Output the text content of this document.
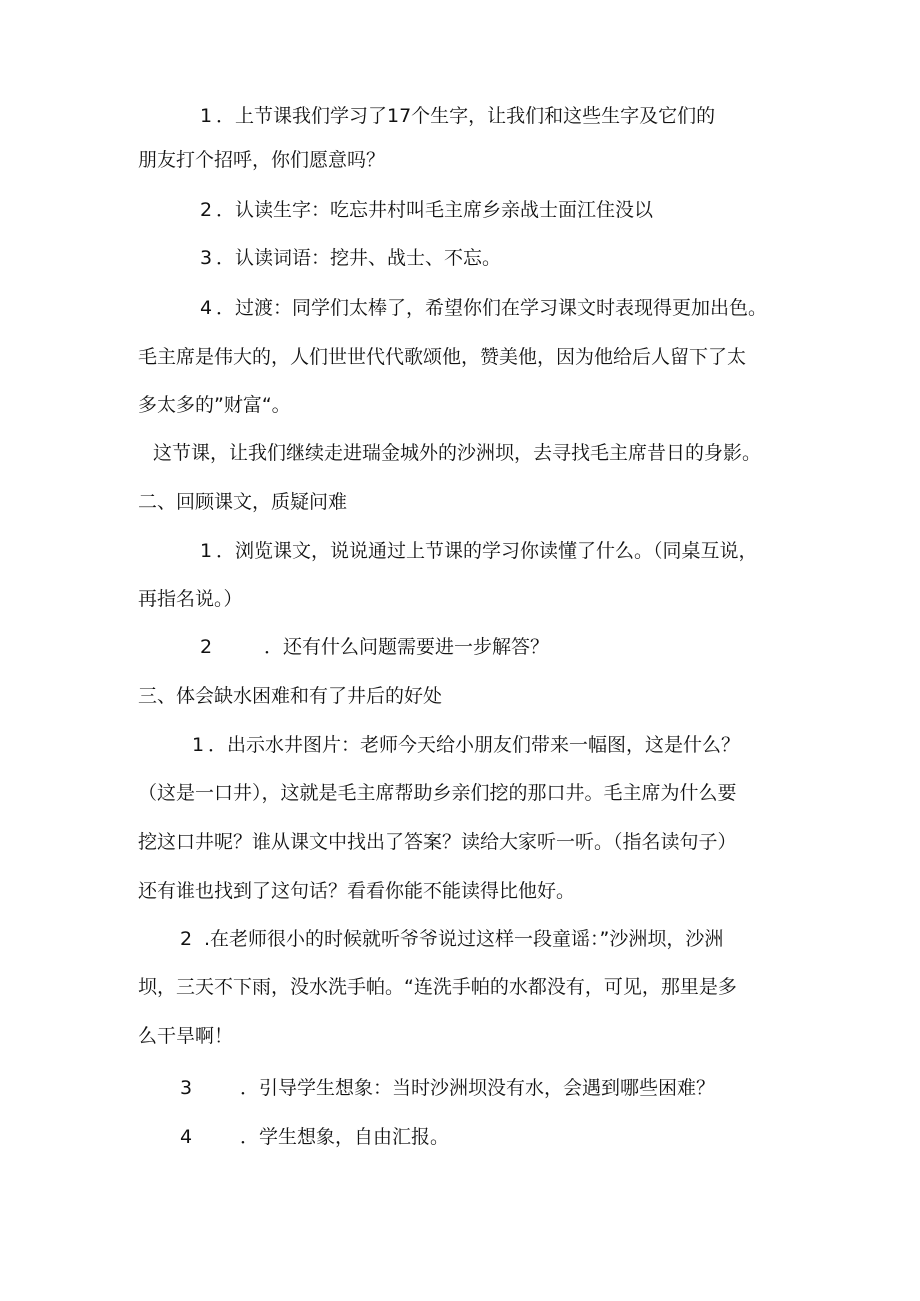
1 ．上节课我们学习了17个生字，让我们和这些生字及它们的
朋友打个招呼，你们愿意吗？
2 ．认读生字：吃忘井村叫毛主席乡亲战士面江住没以
3 ．认读词语：挖井、战士、不忘。
4 ．过渡：同学们太棒了，希望你们在学习课文时表现得更加出色。
毛主席是伟大的，人们世世代代歌颂他，赞美他，因为他给后人留下了太
多太多的”财富“。
这节课，让我们继续走进瑞金城外的沙洲坝，去寻找毛主席昔日的身影。
二、回顾课文，质疑问难
1 ．浏览课文，说说通过上节课的学习你读懂了什么。（同桌互说，
再指名说。）
2	．还有什么问题需要进一步解答？
三、体会缺水困难和有了井后的好处
1 ．出示水井图片：老师今天给小朋友们带来一幅图，这是什么？
（这是一口井），这就是毛主席帮助乡亲们挖的那口井。毛主席为什么要
挖这口井呢？谁从课文中找出了答案？读给大家听一听。（指名读句子）
还有谁也找到了这句话？看看你能不能读得比他好。
2 .在老师很小的时候就听爷爷说过这样一段童谣：”沙洲坝，沙洲
坝，三天不下雨，没水洗手帕。“连洗手帕的水都没有，可见，那里是多
么干旱啊！
3	．引导学生想象：当时沙洲坝没有水，会遇到哪些困难？
4	．学生想象，自由汇报。
